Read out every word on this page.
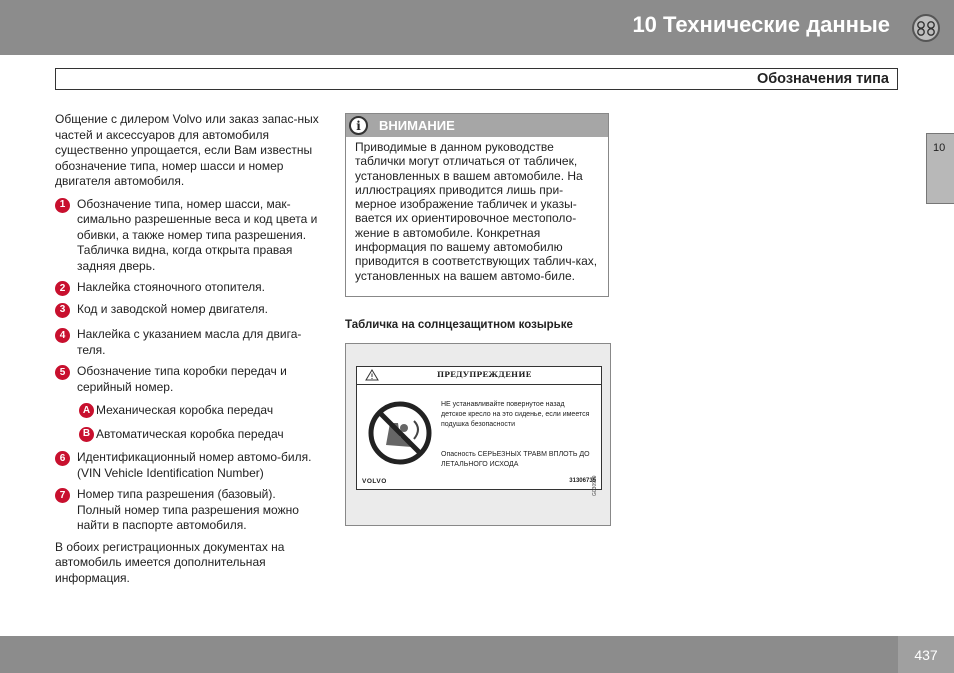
10 Технические данные
Обозначения типа
10

Общение с дилером Volvo или заказ запас-ных частей и аксессуаров для автомобиля существенно упрощается, если Вам известны обозначение типа, номер шасси и номер двигателя автомобиля.

1 Обозначение типа, номер шасси, мак-симально разрешенные веса и код цвета и обивки, а также номер типа разрешения. Табличка видна, когда открыта правая задняя дверь.
2 Наклейка стояночного отопителя.
3 Код и заводской номер двигателя.
4 Наклейка с указанием масла для двига-теля.
5 Обозначение типа коробки передач и серийный номер.
A Механическая коробка передач
B Автоматическая коробка передач
6 Идентификационный номер автомо-биля. (VIN Vehicle Identification Number)
7 Номер типа разрешения (базовый). Полный номер типа разрешения можно найти в паспорте автомобиля.

В обоих регистрационных документах на автомобиль имеется дополнительная информация.

i	ВНИМАНИЕ
Приводимые в данном руководстве таблички могут отличаться от табличек, установленных в вашем автомобиле. На иллюстрациях приводится лишь при-мерное изображение табличек и указы-вается их ориентировочное местополо-жение в автомобиле. Конкретная информация по вашему автомобилю приводится в соответствующих таблич-ках, установленных на вашем автомо-биле.
Табличка на солнцезащитном козырьке
ПРЕДУПРЕЖДЕНИЕ
НЕ устанавливайте повернутое назад детское кресло на это сиденье, если имеется подушка безопасности
Опасность СЕРЬЕЗНЫХ ТРАВМ ВПЛОТЬ ДО ЛЕТАЛЬНОГО ИСХОДА
VOLVO	31306735
G030909
437
